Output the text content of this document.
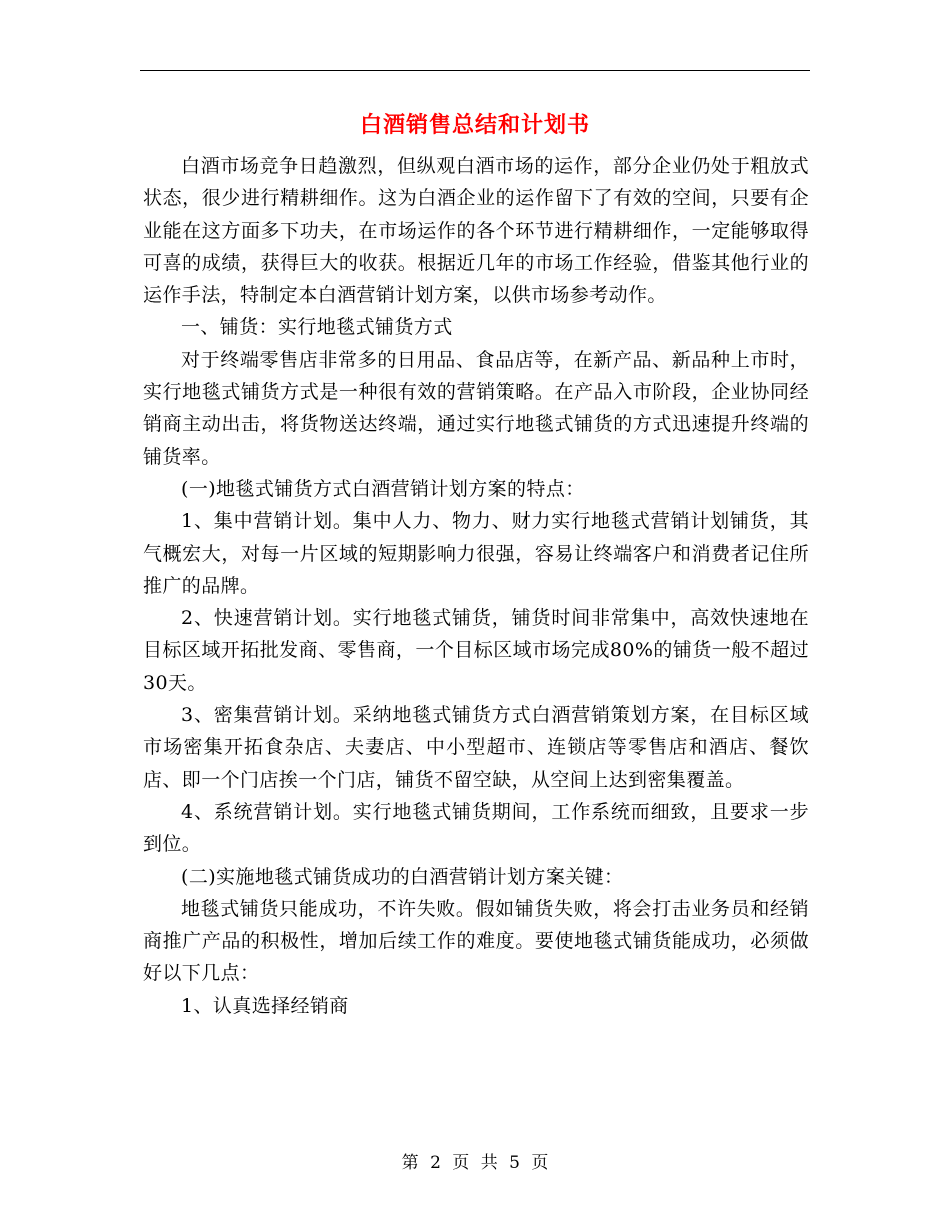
白酒销售总结和计划书

白酒市场竞争日趋激烈，但纵观白酒市场的运作，部分企业仍处于粗放式状态，很少进行精耕细作。这为白酒企业的运作留下了有效的空间，只要有企业能在这方面多下功夫，在市场运作的各个环节进行精耕细作，一定能够取得可喜的成绩，获得巨大的收获。根据近几年的市场工作经验，借鉴其他行业的运作手法，特制定本白酒营销计划方案，以供市场参考动作。

一、铺货：实行地毯式铺货方式

对于终端零售店非常多的日用品、食品店等，在新产品、新品种上市时，实行地毯式铺货方式是一种很有效的营销策略。在产品入市阶段，企业协同经销商主动出击，将货物送达终端，通过实行地毯式铺货的方式迅速提升终端的铺货率。

(一)地毯式铺货方式白酒营销计划方案的特点：

1、集中营销计划。集中人力、物力、财力实行地毯式营销计划铺货，其气概宏大，对每一片区域的短期影响力很强，容易让终端客户和消费者记住所推广的品牌。

2、快速营销计划。实行地毯式铺货，铺货时间非常集中，高效快速地在目标区域开拓批发商、零售商，一个目标区域市场完成80%的铺货一般不超过30天。

3、密集营销计划。采纳地毯式铺货方式白酒营销策划方案，在目标区域市场密集开拓食杂店、夫妻店、中小型超市、连锁店等零售店和酒店、餐饮店、即一个门店挨一个门店，铺货不留空缺，从空间上达到密集覆盖。

4、系统营销计划。实行地毯式铺货期间，工作系统而细致，且要求一步到位。

(二)实施地毯式铺货成功的白酒营销计划方案关键：

地毯式铺货只能成功，不许失败。假如铺货失败，将会打击业务员和经销商推广产品的积极性，增加后续工作的难度。要使地毯式铺货能成功，必须做好以下几点：

1、认真选择经销商

第 2 页 共 5 页
